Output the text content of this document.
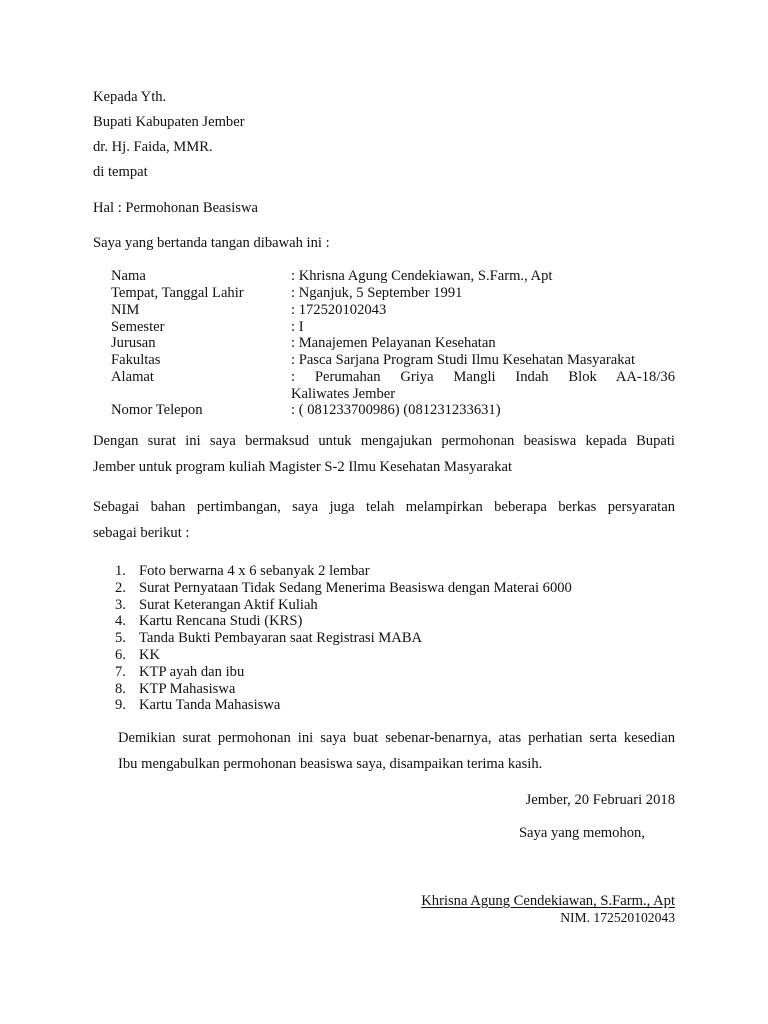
Kepada Yth.
Bupati Kabupaten Jember
dr. Hj. Faida, MMR.
di tempat
Hal : Permohonan Beasiswa
Saya yang bertanda tangan dibawah ini :
Nama	: Khrisna Agung Cendekiawan, S.Farm., Apt
Tempat, Tanggal Lahir	: Nganjuk, 5 September 1991
NIM	: 172520102043
Semester	: I
Jurusan	: Manajemen Pelayanan Kesehatan
Fakultas	: Pasca Sarjana Program Studi Ilmu Kesehatan Masyarakat
Alamat	: Perumahan Griya Mangli Indah Blok AA-18/36
Kaliwates Jember
Nomor Telepon	: ( 081233700986) (081231233631)
Dengan surat ini saya bermaksud untuk mengajukan permohonan beasiswa kepada Bupati
Jember untuk program kuliah Magister S-2 Ilmu Kesehatan Masyarakat
Sebagai bahan pertimbangan, saya juga telah melampirkan beberapa berkas persyaratan
sebagai berikut :
1. Foto berwarna 4 x 6 sebanyak 2 lembar
2. Surat Pernyataan Tidak Sedang Menerima Beasiswa dengan Materai 6000
3. Surat Keterangan Aktif Kuliah
4. Kartu Rencana Studi (KRS)
5. Tanda Bukti Pembayaran saat Registrasi MABA
6. KK
7. KTP ayah dan ibu
8. KTP Mahasiswa
9. Kartu Tanda Mahasiswa
Demikian surat permohonan ini saya buat sebenar-benarnya, atas perhatian serta kesedian
Ibu mengabulkan permohonan beasiswa saya, disampaikan terima kasih.
Jember, 20 Februari 2018
Saya yang memohon,
Khrisna Agung Cendekiawan, S.Farm., Apt
NIM. 172520102043
